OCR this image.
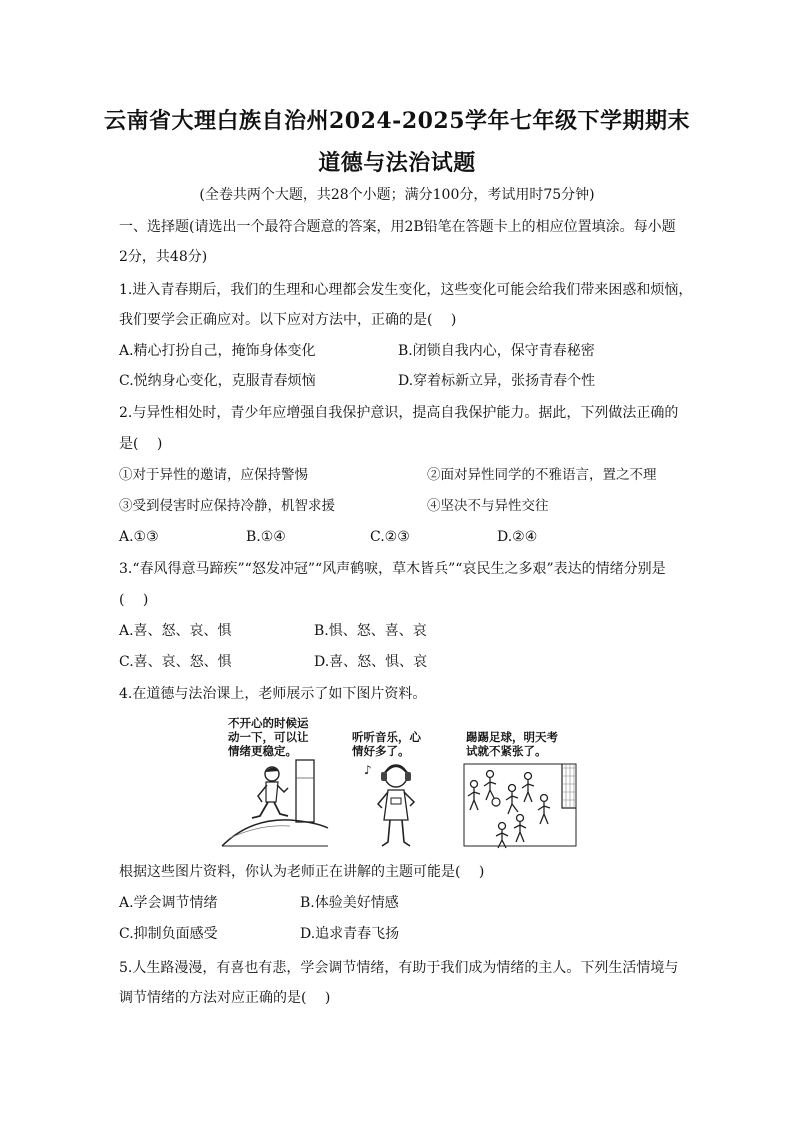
云南省大理白族自治州2024-2025学年七年级下学期期末
道德与法治试题
(全卷共两个大题，共28个小题；满分100分，考试用时75分钟)
一、选择题(请选出一个最符合题意的答案，用2B铅笔在答题卡上的相应位置填涂。每小题
2分，共48分)
1.进入青春期后，我们的生理和心理都会发生变化，这些变化可能会给我们带来困惑和烦恼，
我们要学会正确应对。以下应对方法中，正确的是(　 )
A.精心打扮自己，掩饰身体变化	B.闭锁自我内心，保守青春秘密
C.悦纳身心变化，克服青春烦恼	D.穿着标新立异，张扬青春个性
2.与异性相处时，青少年应增强自我保护意识，提高自我保护能力。据此，下列做法正确的
是(　 )
①对于异性的邀请，应保持警惕	②面对异性同学的不雅语言，置之不理
③受到侵害时应保持冷静，机智求援	④坚决不与异性交往
A.①③	B.①④	C.②③	D.②④
3.“春风得意马蹄疾”“怒发冲冠”“风声鹤唳，草木皆兵”“哀民生之多艰”表达的情绪分别是
(　 )
A.喜、怒、哀、惧	B.惧、怒、喜、哀
C.喜、哀、怒、惧	D.喜、怒、惧、哀
4.在道德与法治课上，老师展示了如下图片资料。
不开心的时候运
动一下，可以让
情绪更稳定。
听听音乐，心
情好多了。
踢踢足球，明天考
试就不紧张了。
♪
根据这些图片资料，你认为老师正在讲解的主题可能是(　 )
A.学会调节情绪	B.体验美好情感
C.抑制负面感受	D.追求青春飞扬
5.人生路漫漫，有喜也有悲，学会调节情绪，有助于我们成为情绪的主人。下列生活情境与
调节情绪的方法对应正确的是(　 )
